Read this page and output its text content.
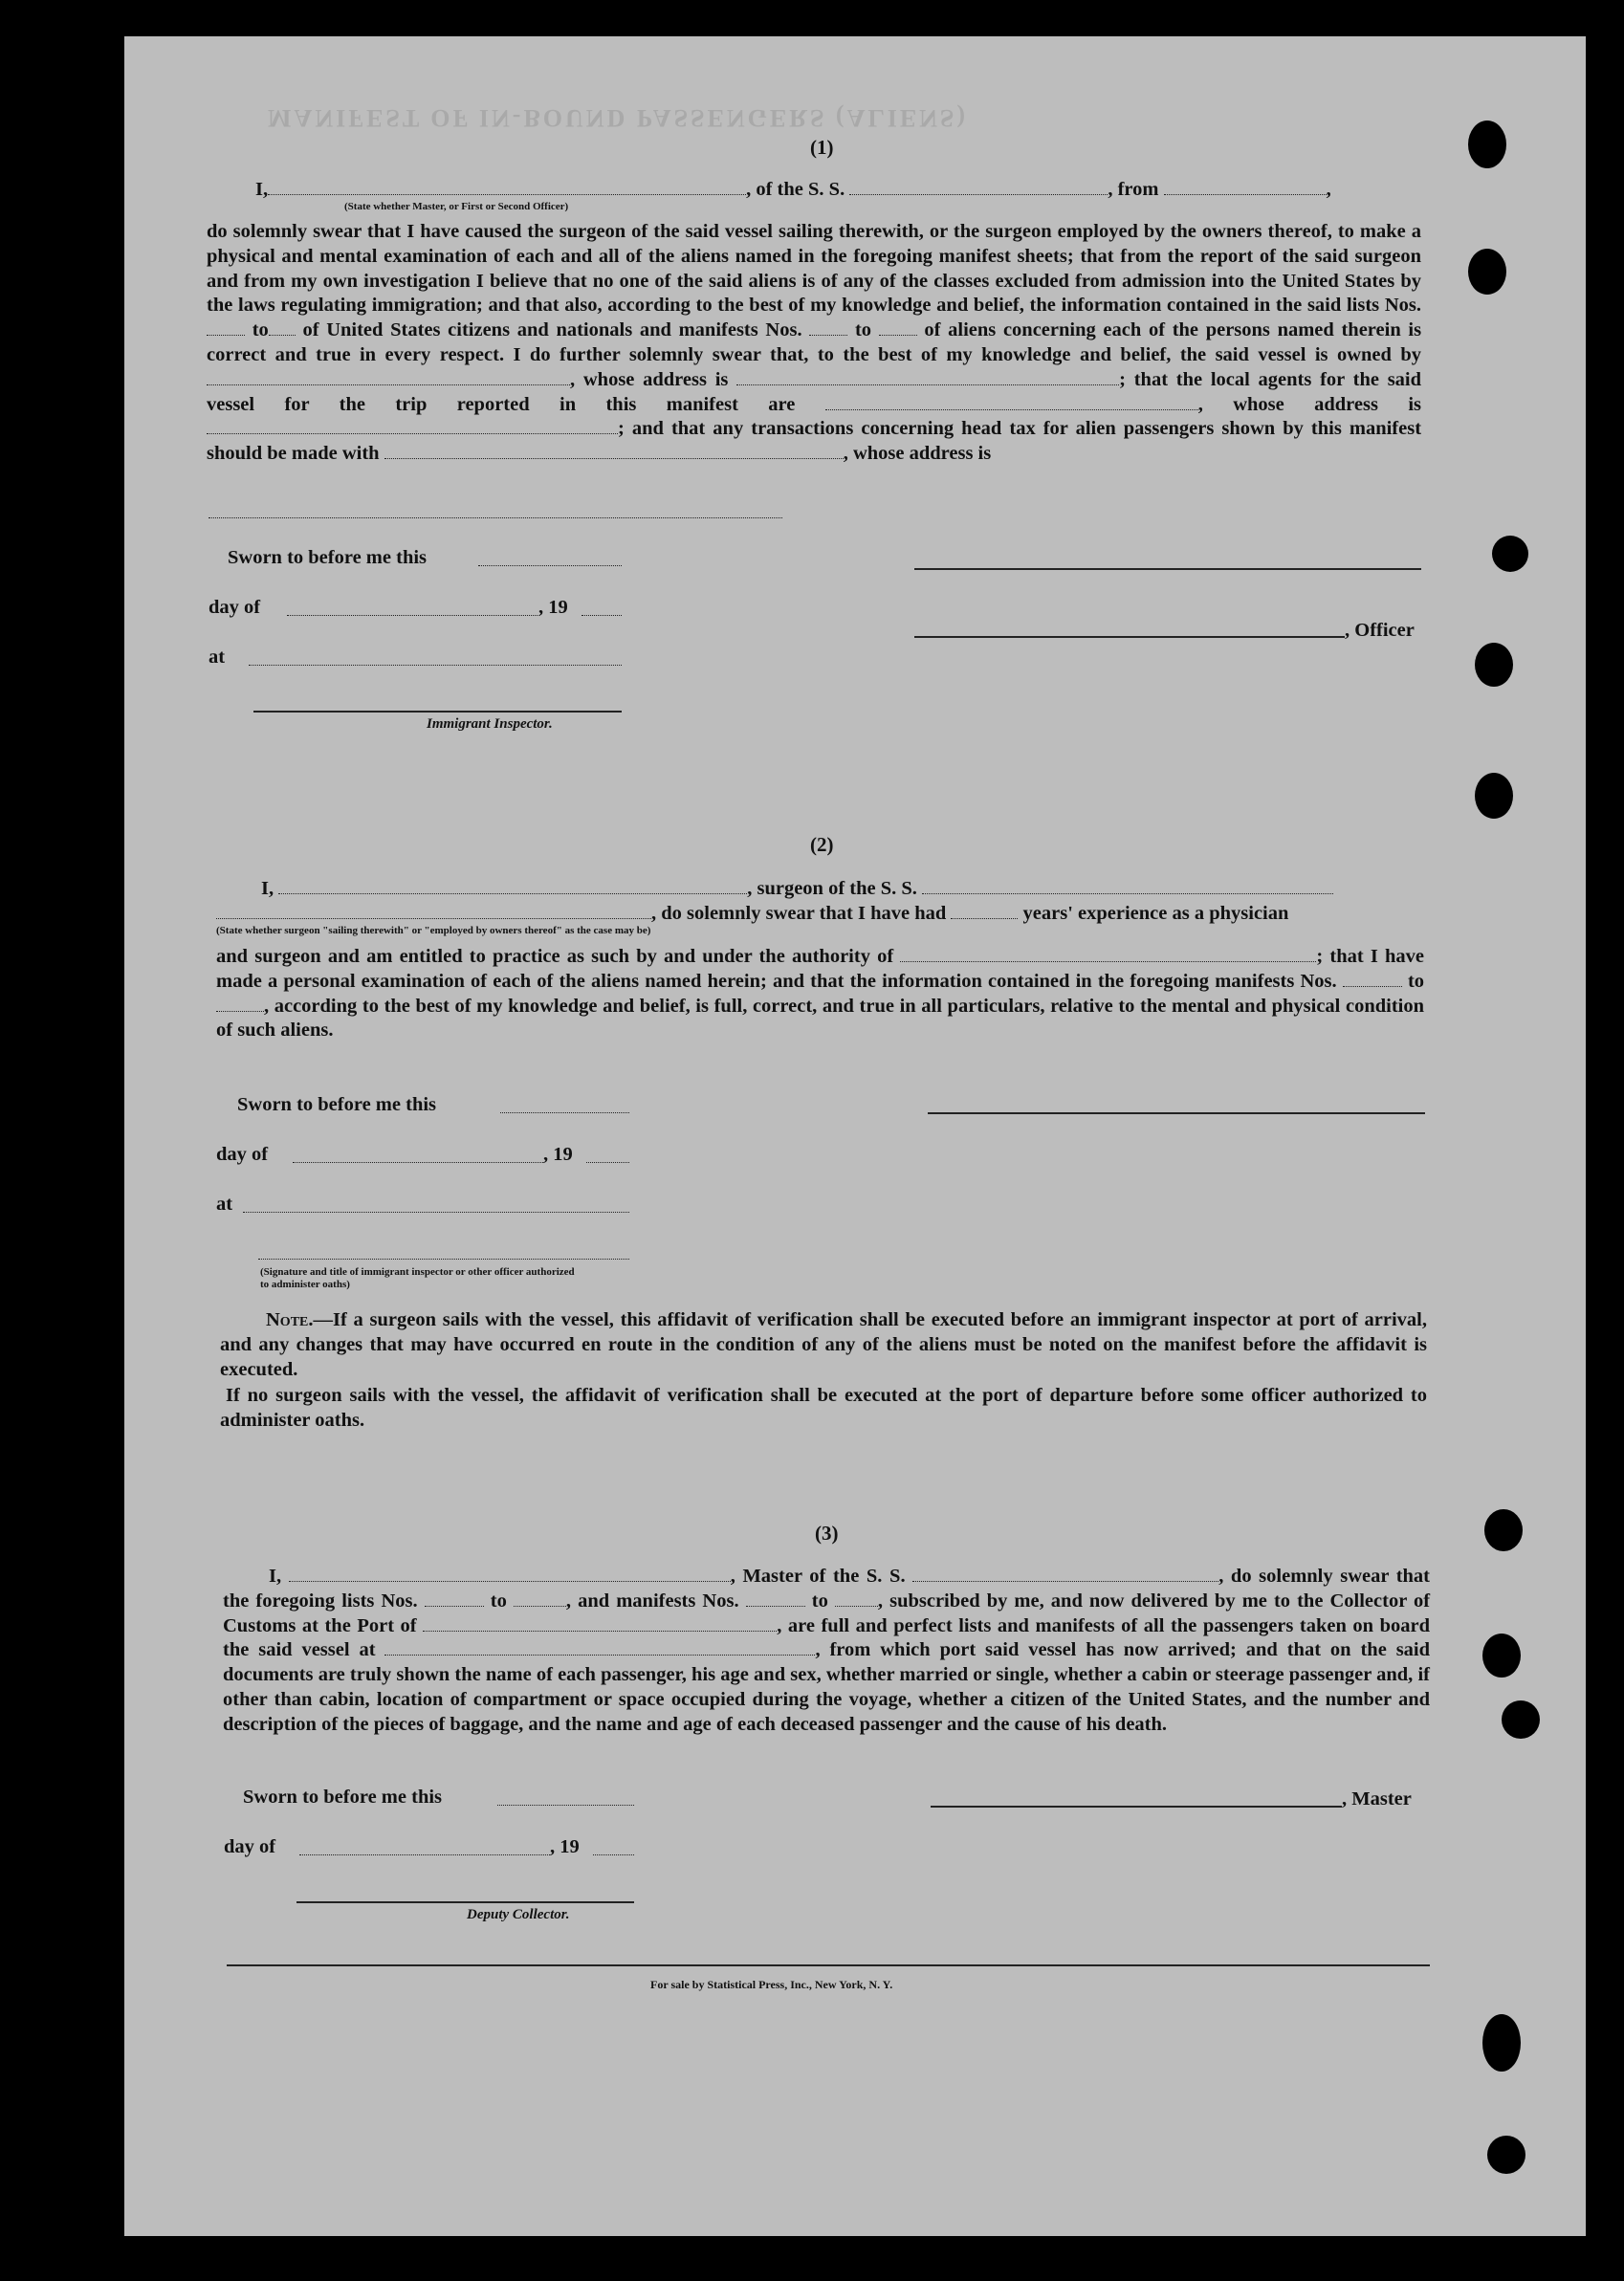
MANIFEST OF IN-BOUND PASSENGERS (ALIENS)
(1)
I,	, of the S. S.	, from	,
(State whether Master, or First or Second Officer)
do solemnly swear that I have caused the surgeon of the said vessel sailing therewith, or the surgeon employed by the owners thereof, to make a physical and mental examination of each and all of the aliens named in the foregoing manifest sheets; that from the report of the said surgeon and from my own investigation I believe that no one of the said aliens is of any of the classes excluded from admission into the United States by the laws regulating immigration; and that also, according to the best of my knowledge and belief, the information contained in the said lists Nos.  to of United States citizens and nationals and manifests Nos.	to	of aliens concerning each of the persons named therein is correct and true in every respect. I do further solemnly swear that, to the best of my knowledge and belief, the said vessel is owned by , whose address is	; that the local agents for the said vessel for the trip reported in this manifest are	, whose address is ; and that any transactions concerning head tax for alien passengers shown by this manifest should be made with	, whose address is
Sworn to before me this
day of	, 19
, Officer
at
Immigrant Inspector.
(2)
I,	, surgeon of the S. S.
, do solemnly swear that I have had	years' experience as a physician
(State whether surgeon "sailing therewith" or "employed by owners thereof" as the case may be)
and surgeon and am entitled to practice as such by and under the authority of	; that I have made a personal examination of each of the aliens named herein; and that the information contained in the foregoing manifests Nos.	to , according to the best of my knowledge and belief, is full, correct, and true in all particulars, relative to the mental and physical condition of such aliens.
Sworn to before me this
day of	, 19
at
(Signature and title of immigrant inspector or other officer authorized to administer oaths)
Note.—If a surgeon sails with the vessel, this affidavit of verification shall be executed before an immigrant inspector at port of arrival, and any changes that may have occurred en route in the condition of any of the aliens must be noted on the manifest before the affidavit is executed.
If no surgeon sails with the vessel, the affidavit of verification shall be executed at the port of departure before some officer authorized to administer oaths.
(3)
I,	, Master of the S. S.	, do solemnly swear that the foregoing lists Nos.	to	, and manifests Nos.	to	, subscribed by me, and now delivered by me to the Collector of Customs at the Port of	, are full and perfect lists and manifests of all the passengers taken on board the said vessel at	, from which port said vessel has now arrived; and that on the said documents are truly shown the name of each passenger, his age and sex, whether married or single, whether a cabin or steerage passenger and, if other than cabin, location of compartment or space occupied during the voyage, whether a citizen of the United States, and the number and description of the pieces of baggage, and the name and age of each deceased passenger and the cause of his death.
Sworn to before me this	, Master
day of	, 19
Deputy Collector.
For sale by Statistical Press, Inc., New York, N. Y.
